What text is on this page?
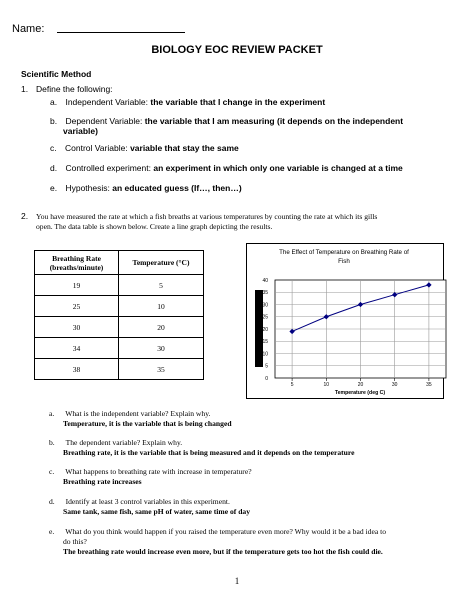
Name:
BIOLOGY EOC REVIEW PACKET
Scientific Method
1. Define the following:
a. Independent Variable: the variable that I change in the experiment
b. Dependent Variable: the variable that I am measuring (it depends on the independent
variable)
c. Control Variable: variable that stay the same
d. Controlled experiment: an experiment in which only one variable is changed at a time
e. Hypothesis: an educated guess (If…, then…)
2. You have measured the rate at which a fish breaths at various temperatures by counting the rate at which its gills
open. The data table is shown below. Create a line graph depicting the results.
Breathing Rate
(breaths/minute)	Temperature (°C)
19	5
25	10
30	20
34	30
38	35
The Effect of Temperature on Breathing Rate of
Fish
Temperature (deg C)
0
5
10
15
20
25
30
35
40
5	10	20	30	35
a. What is the independent variable? Explain why.
Temperature, it is the variable that is being changed
b. The dependent variable? Explain why.
Breathing rate, it is the variable that is being measured and it depends on the temperature
c. What happens to breathing rate with increase in temperature?
Breathing rate increases
d. Identify at least 3 control variables in this experiment.
Same tank, same fish, same pH of water, same time of day
e. What do you think would happen if you raised the temperature even more? Why would it be a bad idea to
do this?
The breathing rate would increase even more, but if the temperature gets too hot the fish could die.
1
